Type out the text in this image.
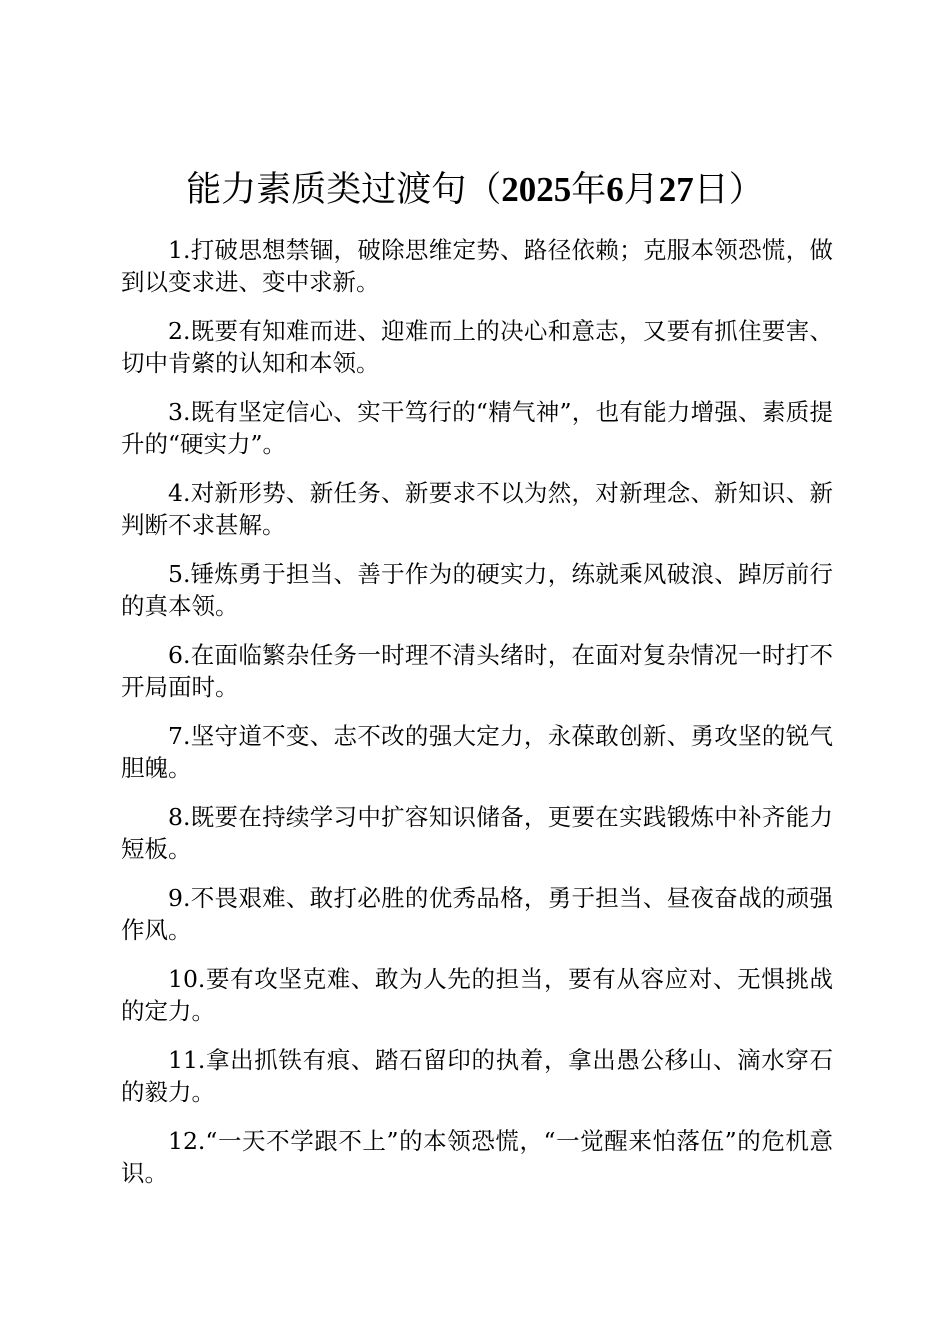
能力素质类过渡句（2025年6月27日）

1.打破思想禁锢，破除思维定势、路径依赖；克服本领恐慌，做到以变求进、变中求新。

2.既要有知难而进、迎难而上的决心和意志，又要有抓住要害、切中肯綮的认知和本领。

3.既有坚定信心、实干笃行的“精气神”，也有能力增强、素质提升的“硬实力”。

4.对新形势、新任务、新要求不以为然，对新理念、新知识、新判断不求甚解。

5.锤炼勇于担当、善于作为的硬实力，练就乘风破浪、踔厉前行的真本领。

6.在面临繁杂任务一时理不清头绪时，在面对复杂情况一时打不开局面时。

7.坚守道不变、志不改的强大定力，永葆敢创新、勇攻坚的锐气胆魄。

8.既要在持续学习中扩容知识储备，更要在实践锻炼中补齐能力短板。

9.不畏艰难、敢打必胜的优秀品格，勇于担当、昼夜奋战的顽强作风。

10.要有攻坚克难、敢为人先的担当，要有从容应对、无惧挑战的定力。

11.拿出抓铁有痕、踏石留印的执着，拿出愚公移山、滴水穿石的毅力。

12.“一天不学跟不上”的本领恐慌，“一觉醒来怕落伍”的危机意识。
